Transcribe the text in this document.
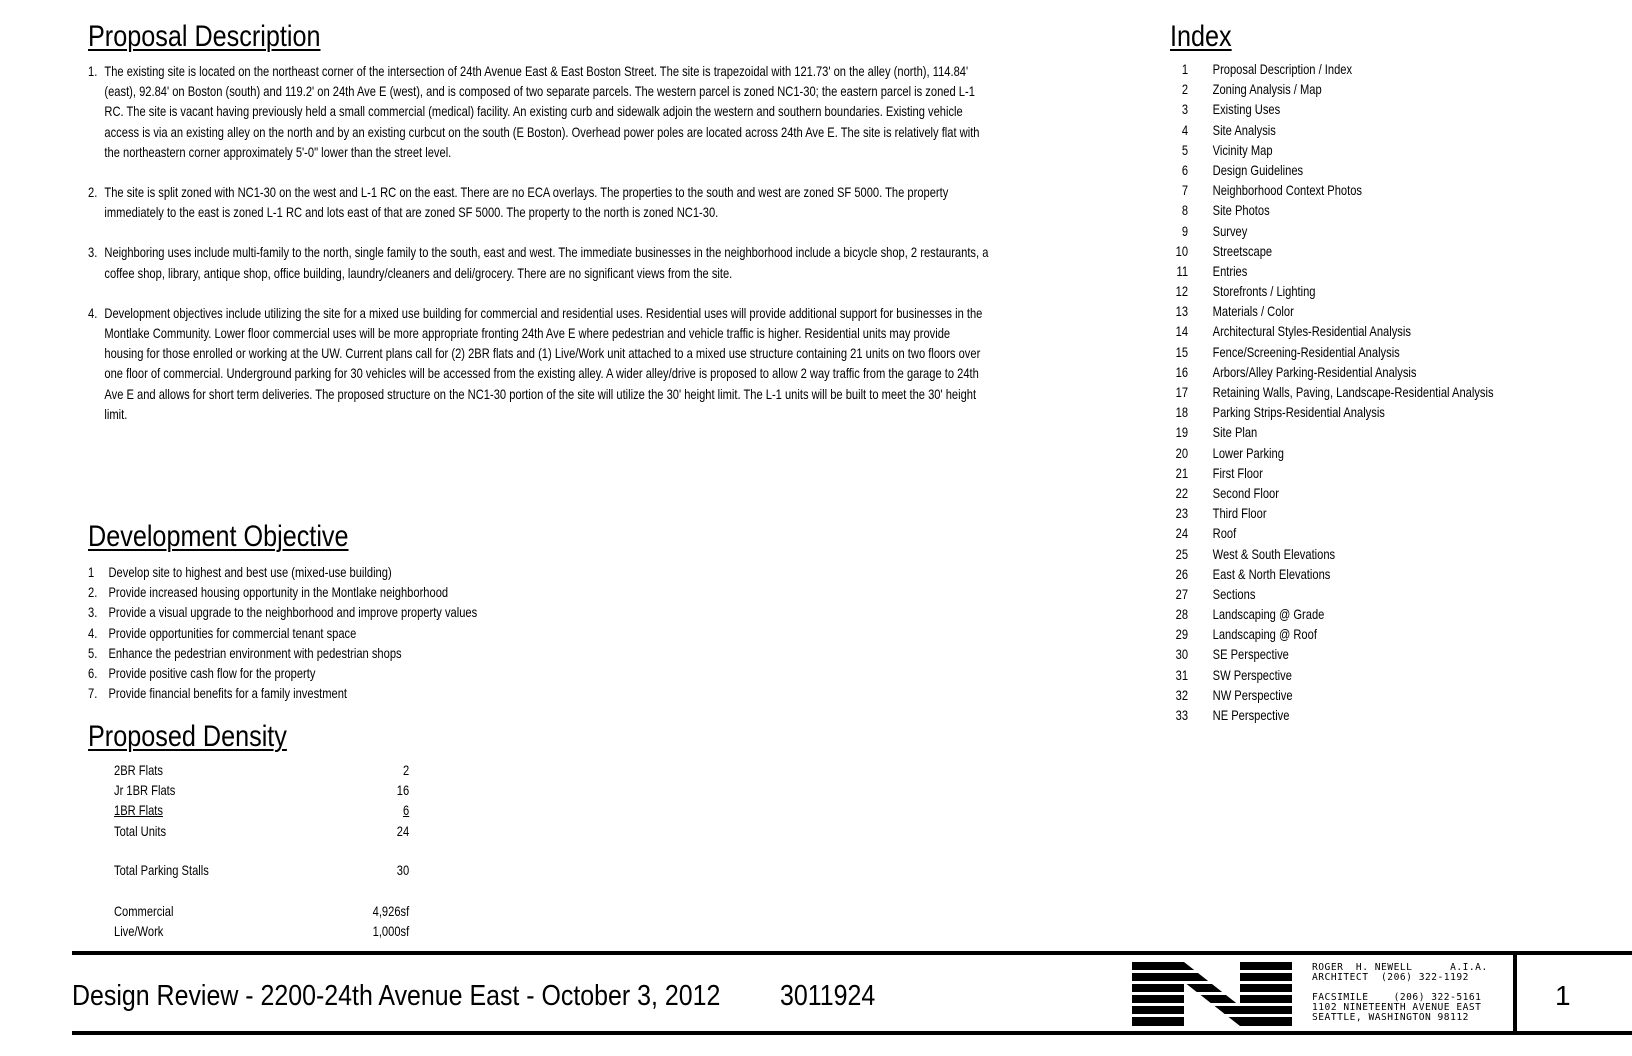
Proposal Description
1. The existing site is located on the northeast corner of the intersection of 24th Avenue East & East Boston Street. The site is trapezoidal with 121.73' on the alley (north), 114.84' (east), 92.84' on Boston (south) and 119.2' on 24th Ave E (west), and is composed of two separate parcels. The western parcel is zoned NC1-30; the eastern parcel is zoned L-1 RC. The site is vacant having previously held a small commercial (medical) facility. An existing curb and sidewalk adjoin the western and southern boundaries. Existing vehicle access is via an existing alley on the north and by an existing curbcut on the south (E Boston). Overhead power poles are located across 24th Ave E. The site is relatively flat with the northeastern corner approximately 5'-0" lower than the street level.
2. The site is split zoned with NC1-30 on the west and L-1 RC on the east. There are no ECA overlays. The properties to the south and west are zoned SF 5000. The property immediately to the east is zoned L-1 RC and lots east of that are zoned SF 5000. The property to the north is zoned NC1-30.
3. Neighboring uses include multi-family to the north, single family to the south, east and west. The immediate businesses in the neighborhood include a bicycle shop, 2 restaurants, a coffee shop, library, antique shop, office building, laundry/cleaners and deli/grocery. There are no significant views from the site.
4. Development objectives include utilizing the site for a mixed use building for commercial and residential uses. Residential uses will provide additional support for businesses in the Montlake Community. Lower floor commercial uses will be more appropriate fronting 24th Ave E where pedestrian and vehicle traffic is higher. Residential units may provide housing for those enrolled or working at the UW. Current plans call for (2) 2BR flats and (1) Live/Work unit attached to a mixed use structure containing 21 units on two floors over one floor of commercial. Underground parking for 30 vehicles will be accessed from the existing alley. A wider alley/drive is proposed to allow 2 way traffic from the garage to 24th Ave E and allows for short term deliveries. The proposed structure on the NC1-30 portion of the site will utilize the 30' height limit. The L-1 units will be built to meet the 30' height limit.
Development Objective
1 Develop site to highest and best use (mixed-use building)
2. Provide increased housing opportunity in the Montlake neighborhood
3. Provide a visual upgrade to the neighborhood and improve property values
4. Provide opportunities for commercial tenant space
5. Enhance the pedestrian environment with pedestrian shops
6. Provide positive cash flow for the property
7. Provide financial benefits for a family investment
Proposed Density
2BR Flats	2
Jr 1BR Flats	16
1BR Flats	6
Total Units	24
Total Parking Stalls	30
Commercial	4,926sf
Live/Work	1,000sf
Index
1 Proposal Description / Index
2 Zoning Analysis / Map
3 Existing Uses
4 Site Analysis
5 Vicinity Map
6 Design Guidelines
7 Neighborhood Context Photos
8 Site Photos
9 Survey
10 Streetscape
11 Entries
12 Storefronts / Lighting
13 Materials / Color
14 Architectural Styles-Residential Analysis
15 Fence/Screening-Residential Analysis
16 Arbors/Alley Parking-Residential Analysis
17 Retaining Walls, Paving, Landscape-Residential Analysis
18 Parking Strips-Residential Analysis
19 Site Plan
20 Lower Parking
21 First Floor
22 Second Floor
23 Third Floor
24 Roof
25 West & South Elevations
26 East & North Elevations
27 Sections
28 Landscaping @ Grade
29 Landscaping @ Roof
30 SE Perspective
31 SW Perspective
32 NW Perspective
33 NE Perspective
Design Review - 2200-24th Avenue East - October 3, 2012 3011924
ROGER  H. NEWELL      A.I.A.
ARCHITECT  (206) 322-1192

FACSIMILE    (206) 322-5161
1102 NINETEENTH AVENUE EAST
SEATTLE, WASHINGTON 98112
1
